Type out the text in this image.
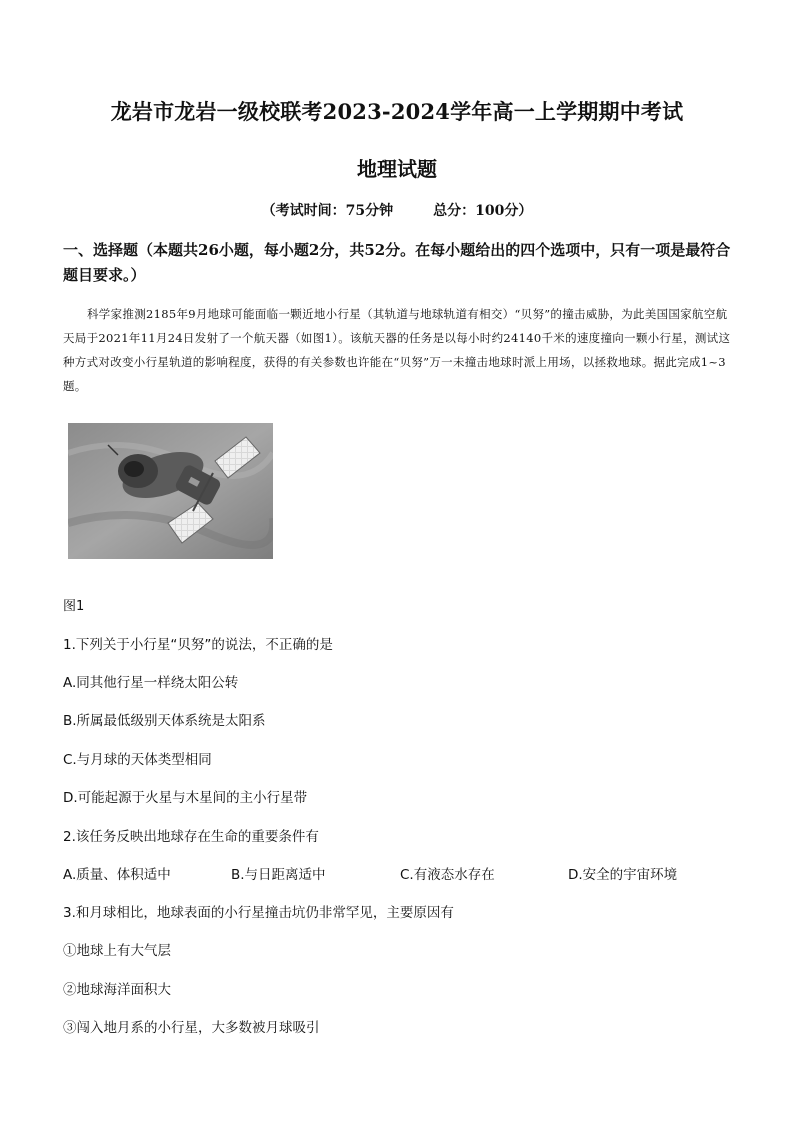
龙岩市龙岩一级校联考2023-2024学年高一上学期期中考试
地理试题
（考试时间：75分钟	总分：100分）
一、选择题（本题共26小题，每小题2分，共52分。在每小题给出的四个选项中，只有一项是最符合题目要求。）
科学家推测2185年9月地球可能面临一颗近地小行星（其轨道与地球轨道有相交）“贝努”的撞击威胁，为此美国国家航空航天局于2021年11月24日发射了一个航天器（如图1）。该航天器的任务是以每小时约24140千米的速度撞向一颗小行星，测试这种方式对改变小行星轨道的影响程度，获得的有关参数也许能在“贝努”万一未撞击地球时派上用场，以拯救地球。据此完成1~3题。
图1
1.下列关于小行星“贝努”的说法，不正确的是
A.同其他行星一样绕太阳公转
B.所属最低级别天体系统是太阳系
C.与月球的天体类型相同
D.可能起源于火星与木星间的主小行星带
2.该任务反映出地球存在生命的重要条件有
A.质量、体积适中	B.与日距离适中	C.有液态水存在	D.安全的宇宙环境
3.和月球相比，地球表面的小行星撞击坑仍非常罕见，主要原因有
①地球上有大气层
②地球海洋面积大
③闯入地月系的小行星，大多数被月球吸引
